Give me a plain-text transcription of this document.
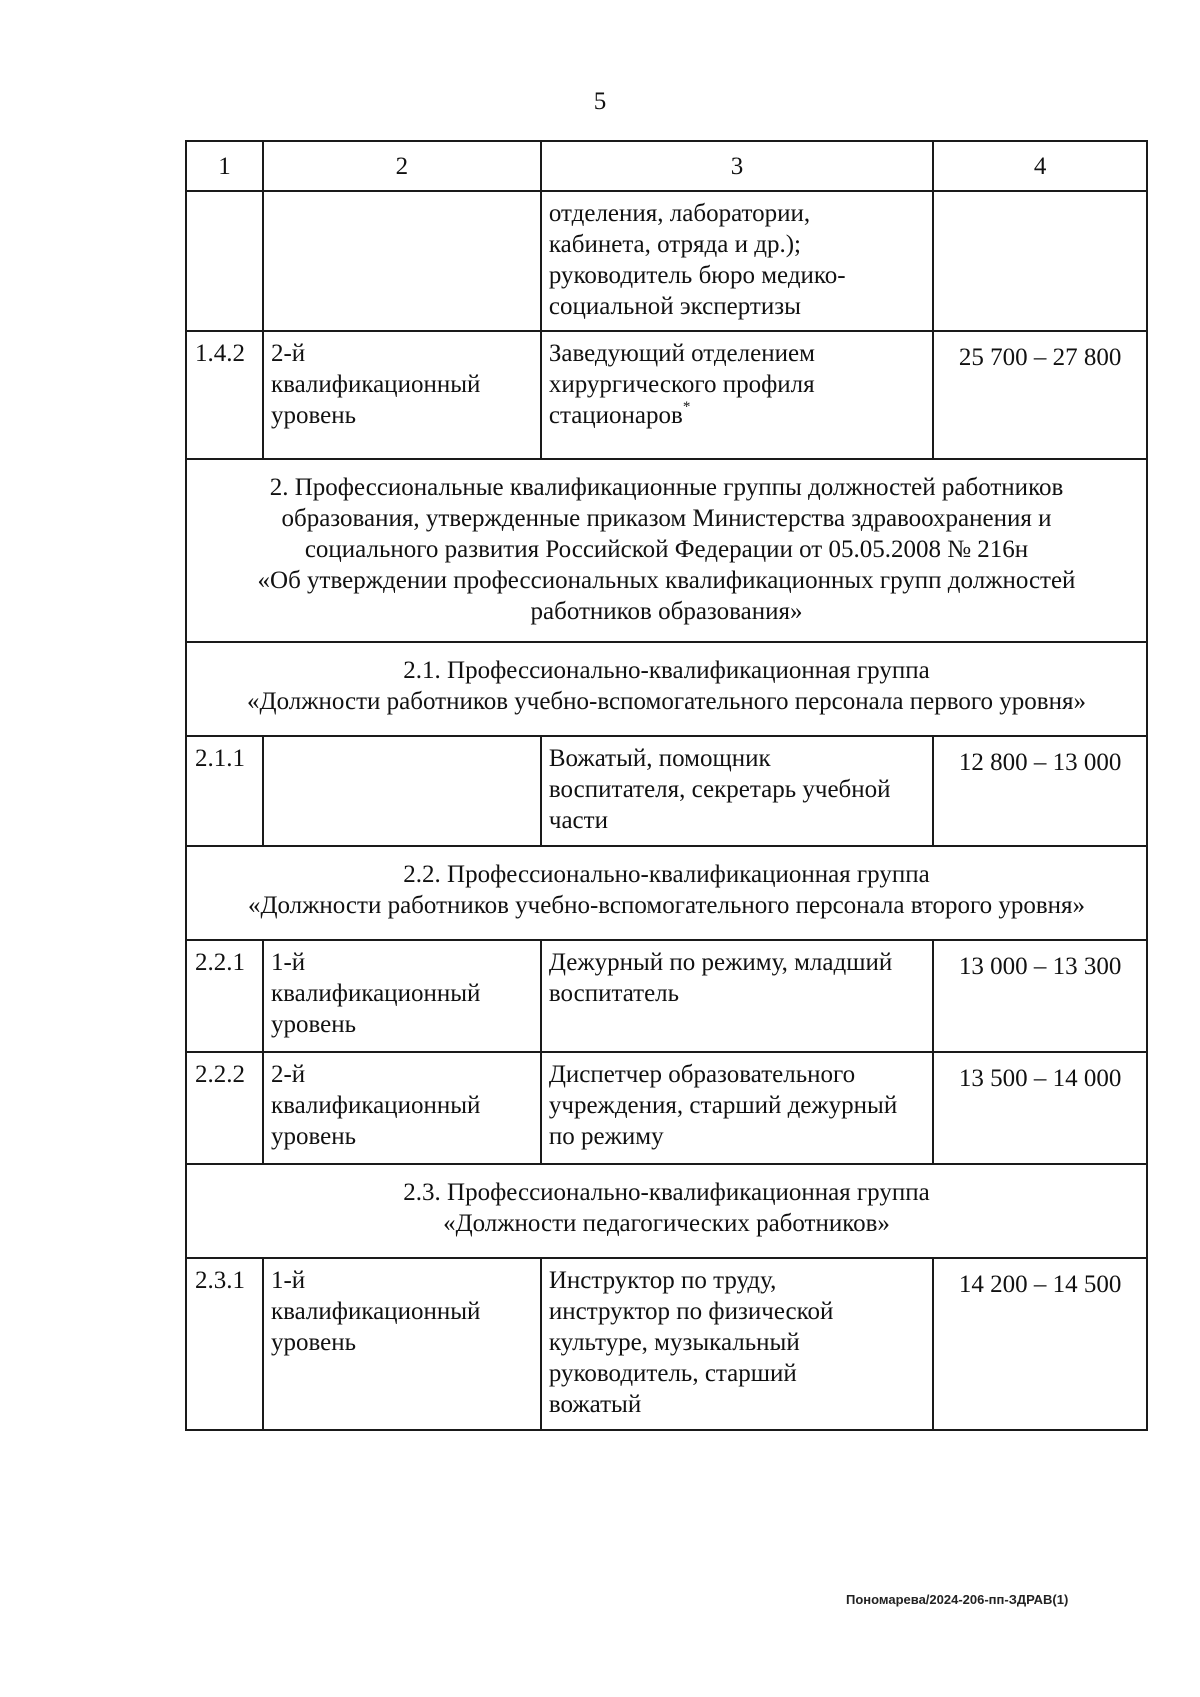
5
1	2	3	4

		отделения, лаборатории,
кабинета, отряда и др.);
руководитель бюро медико-
социальной экспертизы	

1.4.2	2-й
квалификационный
уровень	Заведующий отделением
хирургического профиля
стационаров*	25 700 – 27 800

2. Профессиональные квалификационные группы должностей работников
образования, утвержденные приказом Министерства здравоохранения и
социального развития Российской Федерации от 05.05.2008 № 216н
«Об утверждении профессиональных квалификационных групп должностей
работников образования»			

2.1. Профессионально-квалификационная группа
«Должности работников учебно-вспомогательного персонала первого уровня»			

2.1.1		Вожатый, помощник
воспитателя, секретарь учебной
части	12 800 – 13 000

2.2. Профессионально-квалификационная группа
«Должности работников учебно-вспомогательного персонала второго уровня»			

2.2.1	1-й
квалификационный
уровень	Дежурный по режиму, младший
воспитатель	13 000 – 13 300
2.2.2	2-й
квалификационный
уровень	Диспетчер образовательного
учреждения, старший дежурный
по режиму	13 500 – 14 000

2.3. Профессионально-квалификационная группа
«Должности педагогических работников»			

2.3.1	1-й
квалификационный
уровень	Инструктор по труду,
инструктор по физической
культуре, музыкальный
руководитель, старший
вожатый	14 200 – 14 500
Пономарева/2024-206-пп-ЗДРАВ(1)
